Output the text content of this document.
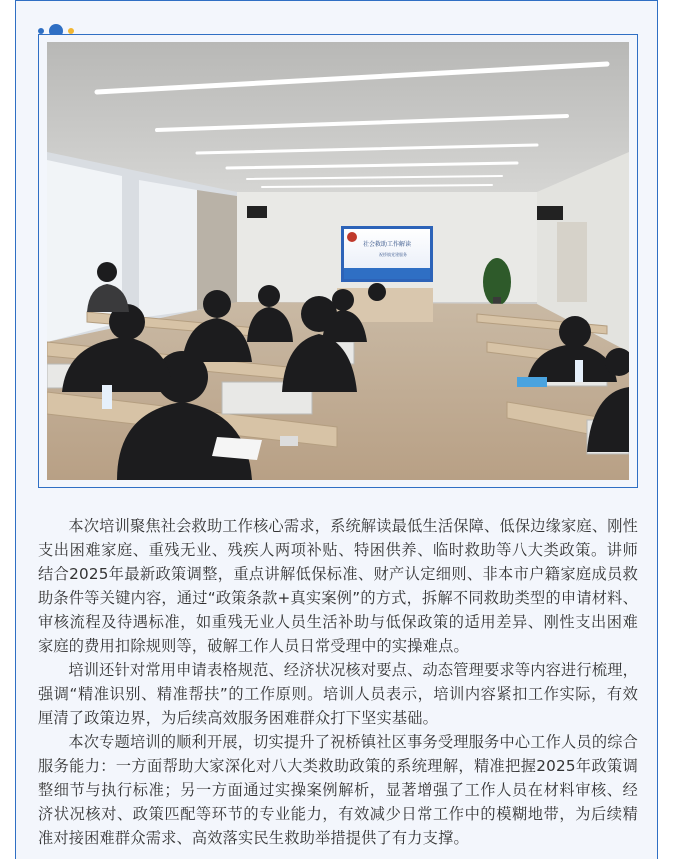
社会救助工作解读
祝桥镇党建服务

本次培训聚焦社会救助工作核心需求，系统解读最低生活保障、低保边缘家庭、刚性支出困难家庭、重残无业、残疾人两项补贴、特困供养、临时救助等八大类政策。讲师结合2025年最新政策调整，重点讲解低保标准、财产认定细则、非本市户籍家庭成员救助条件等关键内容，通过“政策条款+真实案例”的方式，拆解不同救助类型的申请材料、审核流程及待遇标准，如重残无业人员生活补助与低保政策的适用差异、刚性支出困难家庭的费用扣除规则等，破解工作人员日常受理中的实操难点。

培训还针对常用申请表格规范、经济状况核对要点、动态管理要求等内容进行梳理，强调“精准识别、精准帮扶”的工作原则。培训人员表示，培训内容紧扣工作实际，有效厘清了政策边界，为后续高效服务困难群众打下坚实基础。

本次专题培训的顺利开展，切实提升了祝桥镇社区事务受理服务中心工作人员的综合服务能力：一方面帮助大家深化对八大类救助政策的系统理解，精准把握2025年政策调整细节与执行标准；另一方面通过实操案例解析，显著增强了工作人员在材料审核、经济状况核对、政策匹配等环节的专业能力，有效减少日常工作中的模糊地带，为后续精准对接困难群众需求、高效落实民生救助举措提供了有力支撑。
